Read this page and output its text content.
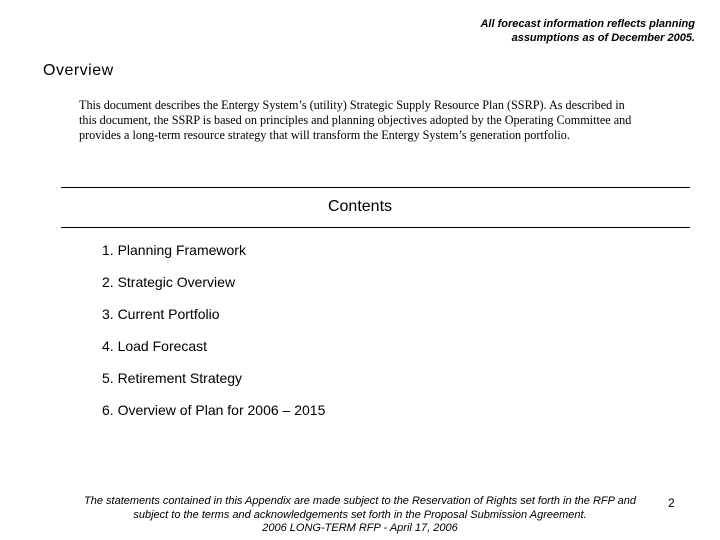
All forecast information reflects planning
assumptions as of December 2005.
Overview

This document describes the Entergy System’s (utility) Strategic Supply Resource Plan (SSRP). As described in this document, the SSRP is based on principles and planning objectives adopted by the Operating Committee and provides a long-term resource strategy that will transform the Entergy System’s generation portfolio.

Contents
1. Planning Framework
2. Strategic Overview
3. Current Portfolio
4. Load Forecast
5. Retirement Strategy
6. Overview of Plan for 2006 – 2015
The statements contained in this Appendix are made subject to the Reservation of Rights set forth in the RFP and
subject to the terms and acknowledgements set forth in the Proposal Submission Agreement.
2006 LONG-TERM RFP - April 17, 2006
2
